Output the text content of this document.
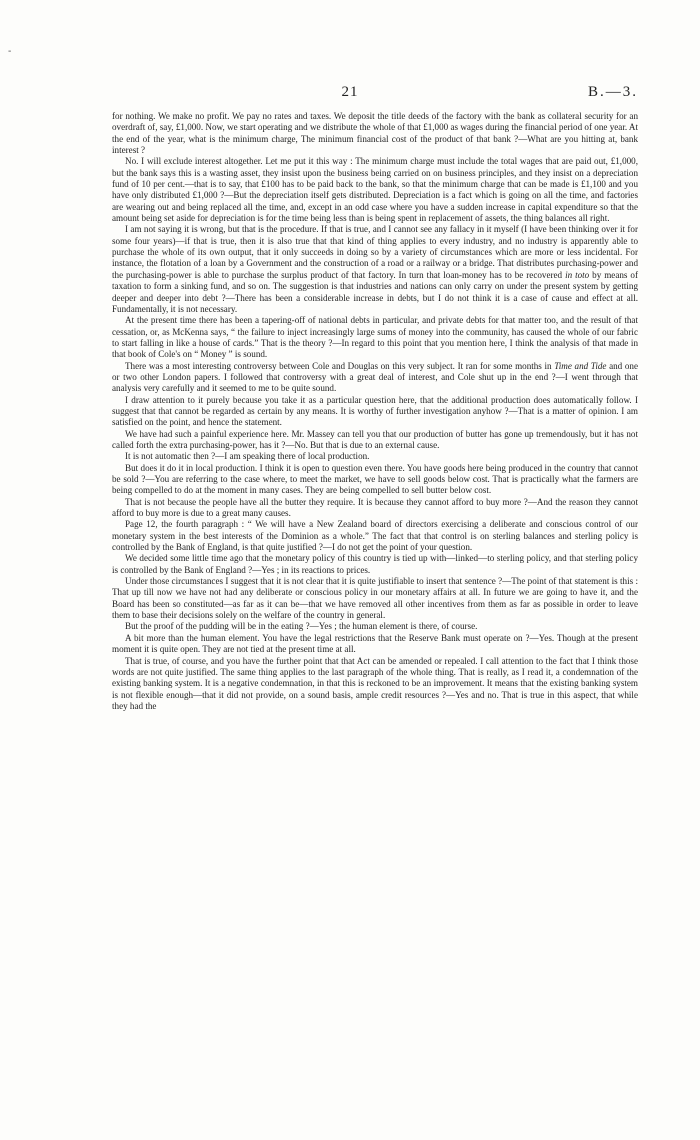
-
21	B.—3.

for nothing. We make no profit. We pay no rates and taxes. We deposit the title deeds of the factory with the bank as collateral security for an overdraft of, say, £1,000. Now, we start operating and we distribute the whole of that £1,000 as wages during the financial period of one year. At the end of the year, what is the minimum charge, The minimum financial cost of the product of that bank ?—What are you hitting at, bank interest ?

No. I will exclude interest altogether. Let me put it this way : The minimum charge must include the total wages that are paid out, £1,000, but the bank says this is a wasting asset, they insist upon the business being carried on on business principles, and they insist on a depreciation fund of 10 per cent.—that is to say, that £100 has to be paid back to the bank, so that the minimum charge that can be made is £1,100 and you have only distributed £1,000 ?—But the depreciation itself gets distributed. Depreciation is a fact which is going on all the time, and factories are wearing out and being replaced all the time, and, except in an odd case where you have a sudden increase in capital expenditure so that the amount being set aside for depreciation is for the time being less than is being spent in replacement of assets, the thing balances all right.

I am not saying it is wrong, but that is the procedure. If that is true, and I cannot see any fallacy in it myself (I have been thinking over it for some four years)—if that is true, then it is also true that that kind of thing applies to every industry, and no industry is apparently able to purchase the whole of its own output, that it only succeeds in doing so by a variety of circumstances which are more or less incidental. For instance, the flotation of a loan by a Government and the construction of a road or a railway or a bridge. That distributes purchasing-power and the purchasing-power is able to purchase the surplus product of that factory. In turn that loan-money has to be recovered in toto by means of taxation to form a sinking fund, and so on. The suggestion is that industries and nations can only carry on under the present system by getting deeper and deeper into debt ?—There has been a considerable increase in debts, but I do not think it is a case of cause and effect at all. Fundamentally, it is not necessary.

At the present time there has been a tapering-off of national debts in particular, and private debts for that matter too, and the result of that cessation, or, as McKenna says, “ the failure to inject increasingly large sums of money into the community, has caused the whole of our fabric to start falling in like a house of cards.” That is the theory ?—In regard to this point that you mention here, I think the analysis of that made in that book of Cole's on “ Money ” is sound.

There was a most interesting controversy between Cole and Douglas on this very subject. It ran for some months in Time and Tide and one or two other London papers. I followed that controversy with a great deal of interest, and Cole shut up in the end ?—I went through that analysis very carefully and it seemed to me to be quite sound.

I draw attention to it purely because you take it as a particular question here, that the additional production does automatically follow. I suggest that that cannot be regarded as certain by any means. It is worthy of further investigation anyhow ?—That is a matter of opinion. I am satisfied on the point, and hence the statement.

We have had such a painful experience here. Mr. Massey can tell you that our production of butter has gone up tremendously, but it has not called forth the extra purchasing-power, has it ?—No. But that is due to an external cause.

It is not automatic then ?—I am speaking there of local production.

But does it do it in local production. I think it is open to question even there. You have goods here being produced in the country that cannot be sold ?—You are referring to the case where, to meet the market, we have to sell goods below cost. That is practically what the farmers are being compelled to do at the moment in many cases. They are being compelled to sell butter below cost.

That is not because the people have all the butter they require. It is because they cannot afford to buy more ?—And the reason they cannot afford to buy more is due to a great many causes.

Page 12, the fourth paragraph : “ We will have a New Zealand board of directors exercising a deliberate and conscious control of our monetary system in the best interests of the Dominion as a whole.” The fact that that control is on sterling balances and sterling policy is controlled by the Bank of England, is that quite justified ?—I do not get the point of your question.

We decided some little time ago that the monetary policy of this country is tied up with—linked—to sterling policy, and that sterling policy is controlled by the Bank of England ?—Yes ; in its reactions to prices.

Under those circumstances I suggest that it is not clear that it is quite justifiable to insert that sentence ?—The point of that statement is this : That up till now we have not had any deliberate or conscious policy in our monetary affairs at all. In future we are going to have it, and the Board has been so constituted—as far as it can be—that we have removed all other incentives from them as far as possible in order to leave them to base their decisions solely on the welfare of the country in general.

But the proof of the pudding will be in the eating ?—Yes ; the human element is there, of course.

A bit more than the human element. You have the legal restrictions that the Reserve Bank must operate on ?—Yes. Though at the present moment it is quite open. They are not tied at the present time at all.

That is true, of course, and you have the further point that that Act can be amended or repealed. I call attention to the fact that I think those words are not quite justified. The same thing applies to the last paragraph of the whole thing. That is really, as I read it, a condemnation of the existing banking system. It is a negative condemnation, in that this is reckoned to be an improvement. It means that the existing banking system is not flexible enough—that it did not provide, on a sound basis, ample credit resources ?—Yes and no. That is true in this aspect, that while they had the
